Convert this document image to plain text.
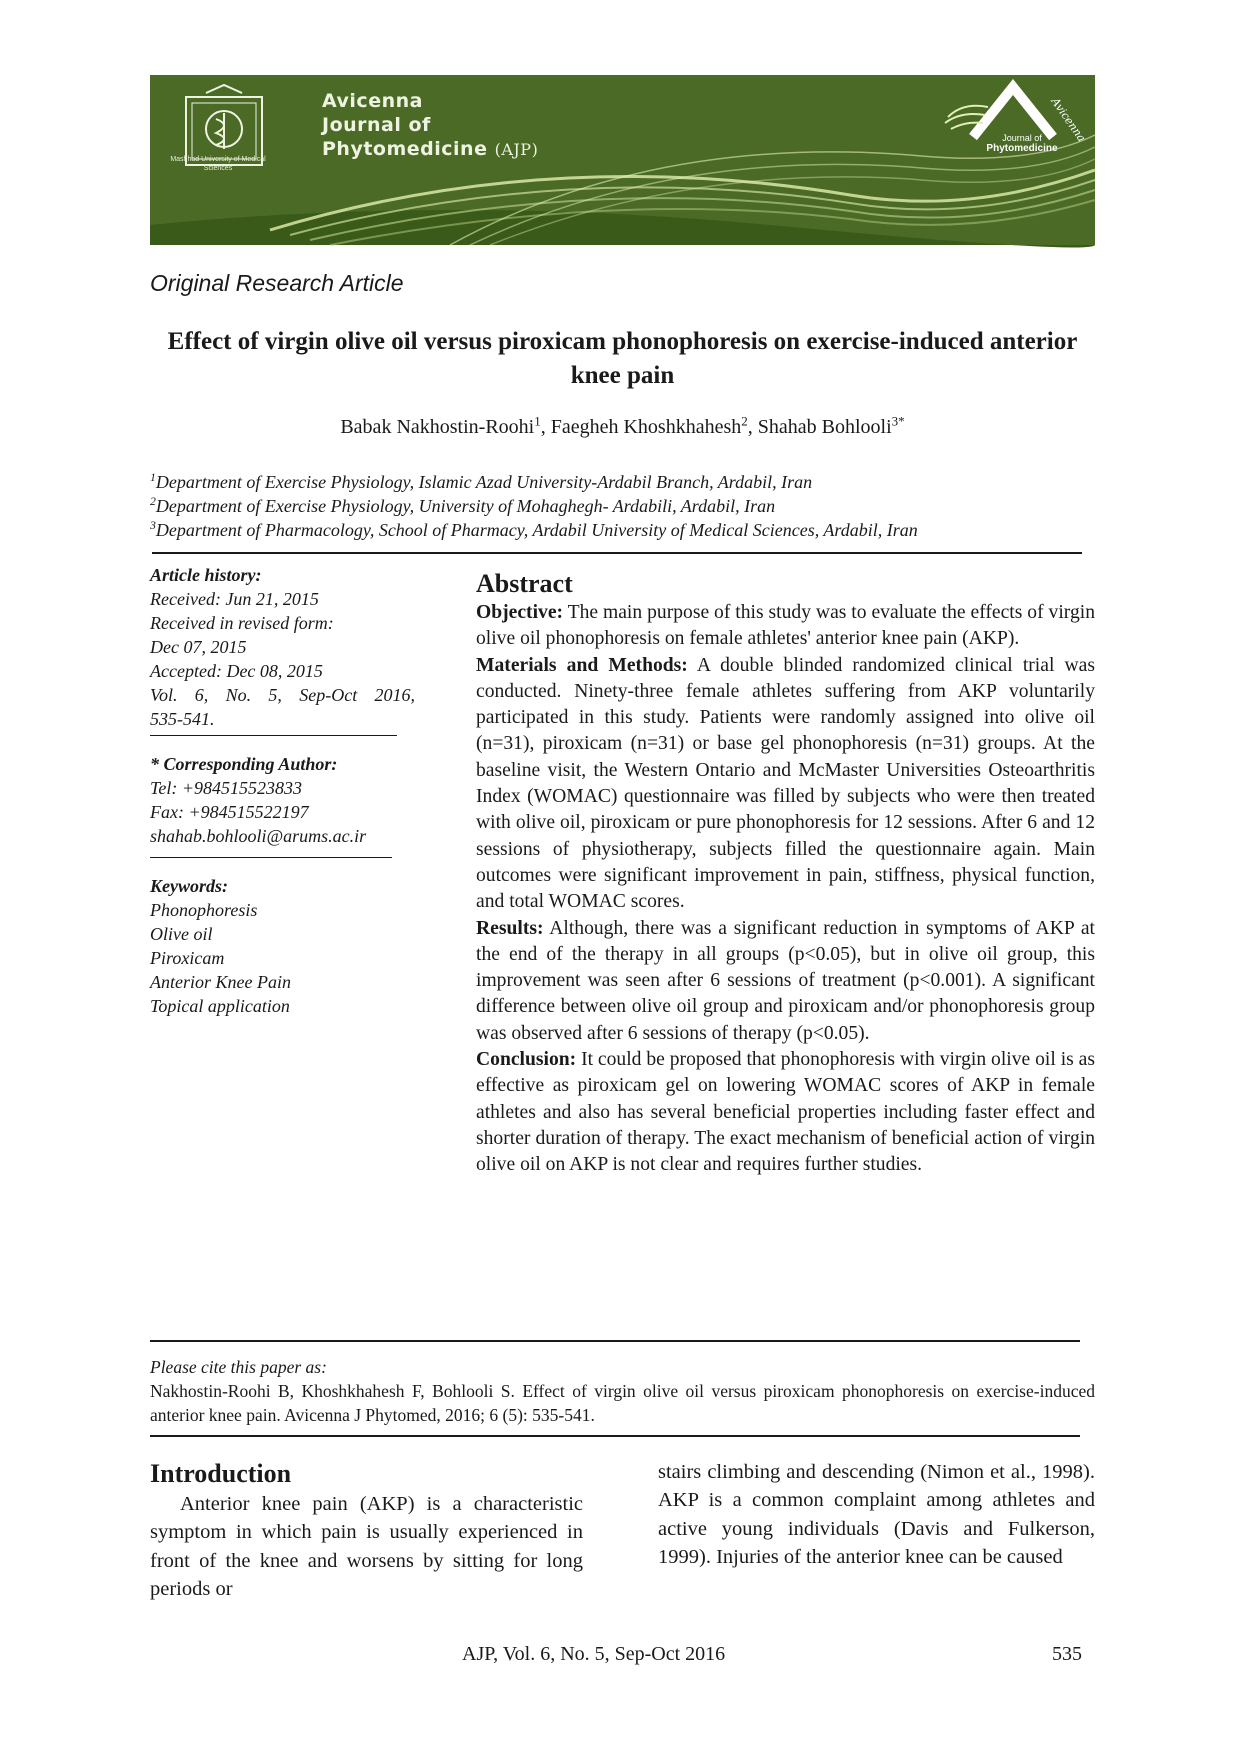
Mashhad University of Medical Sciences
Avicenna
Journal of
Phytomedicine (AJP)
Avicenna
Journal of
Phytomedicine
Original Research Article
Effect of virgin olive oil versus piroxicam phonophoresis on exercise-induced anterior knee pain
Babak Nakhostin-Roohi$^1$, Faegheh Khoshkhahesh$^2$, Shahab Bohlooli$^{3*}$
$^1$Department of Exercise Physiology, Islamic Azad University-Ardabil Branch, Ardabil, Iran
$^2$Department of Exercise Physiology, University of Mohaghegh- Ardabili, Ardabil, Iran
$^3$Department of Pharmacology, School of Pharmacy, Ardabil University of Medical Sciences, Ardabil, Iran
Article history:
Received: Jun 21, 2015
Received in revised form:
Dec 07, 2015
Accepted: Dec 08, 2015
Vol. 6, No. 5, Sep-Oct 2016,
535-541.
* Corresponding Author:
Tel: +984515523833
Fax: +984515522197
shahab.bohlooli@arums.ac.ir
Keywords:
Phonophoresis
Olive oil
Piroxicam
Anterior Knee Pain
Topical application
Abstract

Objective: The main purpose of this study was to evaluate the effects of virgin olive oil phonophoresis on female athletes' anterior knee pain (AKP).

Materials and Methods: A double blinded randomized clinical trial was conducted. Ninety-three female athletes suffering from AKP voluntarily participated in this study. Patients were randomly assigned into olive oil (n=31), piroxicam (n=31) or base gel phonophoresis (n=31) groups. At the baseline visit, the Western Ontario and McMaster Universities Osteoarthritis Index (WOMAC) questionnaire was filled by subjects who were then treated with olive oil, piroxicam or pure phonophoresis for 12 sessions. After 6 and 12 sessions of physiotherapy, subjects filled the questionnaire again. Main outcomes were significant improvement in pain, stiffness, physical function, and total WOMAC scores.

Results: Although, there was a significant reduction in symptoms of AKP at the end of the therapy in all groups (p<0.05), but in olive oil group, this improvement was seen after 6 sessions of treatment (p<0.001). A significant difference between olive oil group and piroxicam and/or phonophoresis group was observed after 6 sessions of therapy (p<0.05).

Conclusion: It could be proposed that phonophoresis with virgin olive oil is as effective as piroxicam gel on lowering WOMAC scores of AKP in female athletes and also has several beneficial properties including faster effect and shorter duration of therapy. The exact mechanism of beneficial action of virgin olive oil on AKP is not clear and requires further studies.

Please cite this paper as:
Nakhostin-Roohi B, Khoshkhahesh F, Bohlooli S. Effect of virgin olive oil versus piroxicam phonophoresis on exercise-induced anterior knee pain. Avicenna J Phytomed, 2016; 6 (5): 535-541.
Introduction

Anterior knee pain (AKP) is a characteristic symptom in which pain is usually experienced in front of the knee and worsens by sitting for long periods or

stairs climbing and descending (Nimon et al., 1998). AKP is a common complaint among athletes and active young individuals (Davis and Fulkerson, 1999). Injuries of the anterior knee can be caused

AJP, Vol. 6, No. 5, Sep-Oct 2016	535
